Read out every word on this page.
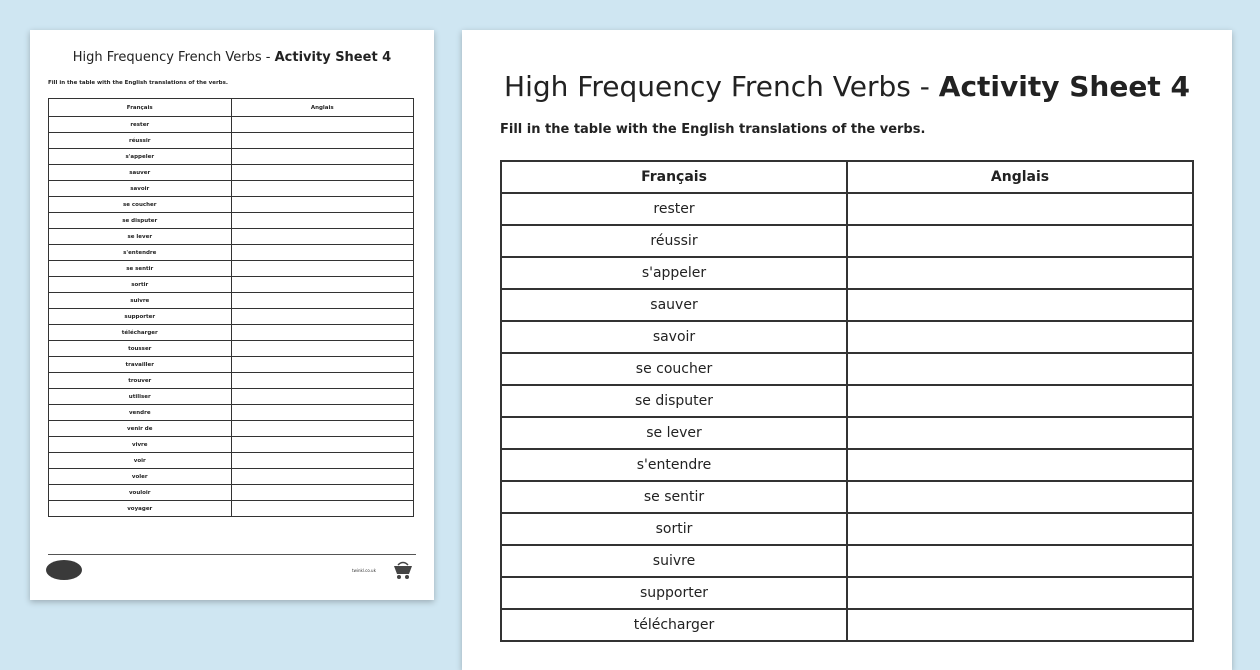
High Frequency French Verbs - Activity Sheet 4
Fill in the table with the English translations of the verbs.
Français	Anglais
rester	
réussir	
s'appeler	
sauver	
savoir	
se coucher	
se disputer	
se lever	
s'entendre	
se sentir	
sortir	
suivre	
supporter	
télécharger	
tousser	
travailler	
trouver	
utiliser	
vendre	
venir de	
vivre	
voir	
voler	
vouloir	
voyager	
twinkl.co.uk
High Frequency French Verbs - Activity Sheet 4
Fill in the table with the English translations of the verbs.
Français	Anglais
rester	
réussir	
s'appeler	
sauver	
savoir	
se coucher	
se disputer	
se lever	
s'entendre	
se sentir	
sortir	
suivre	
supporter	
télécharger	
